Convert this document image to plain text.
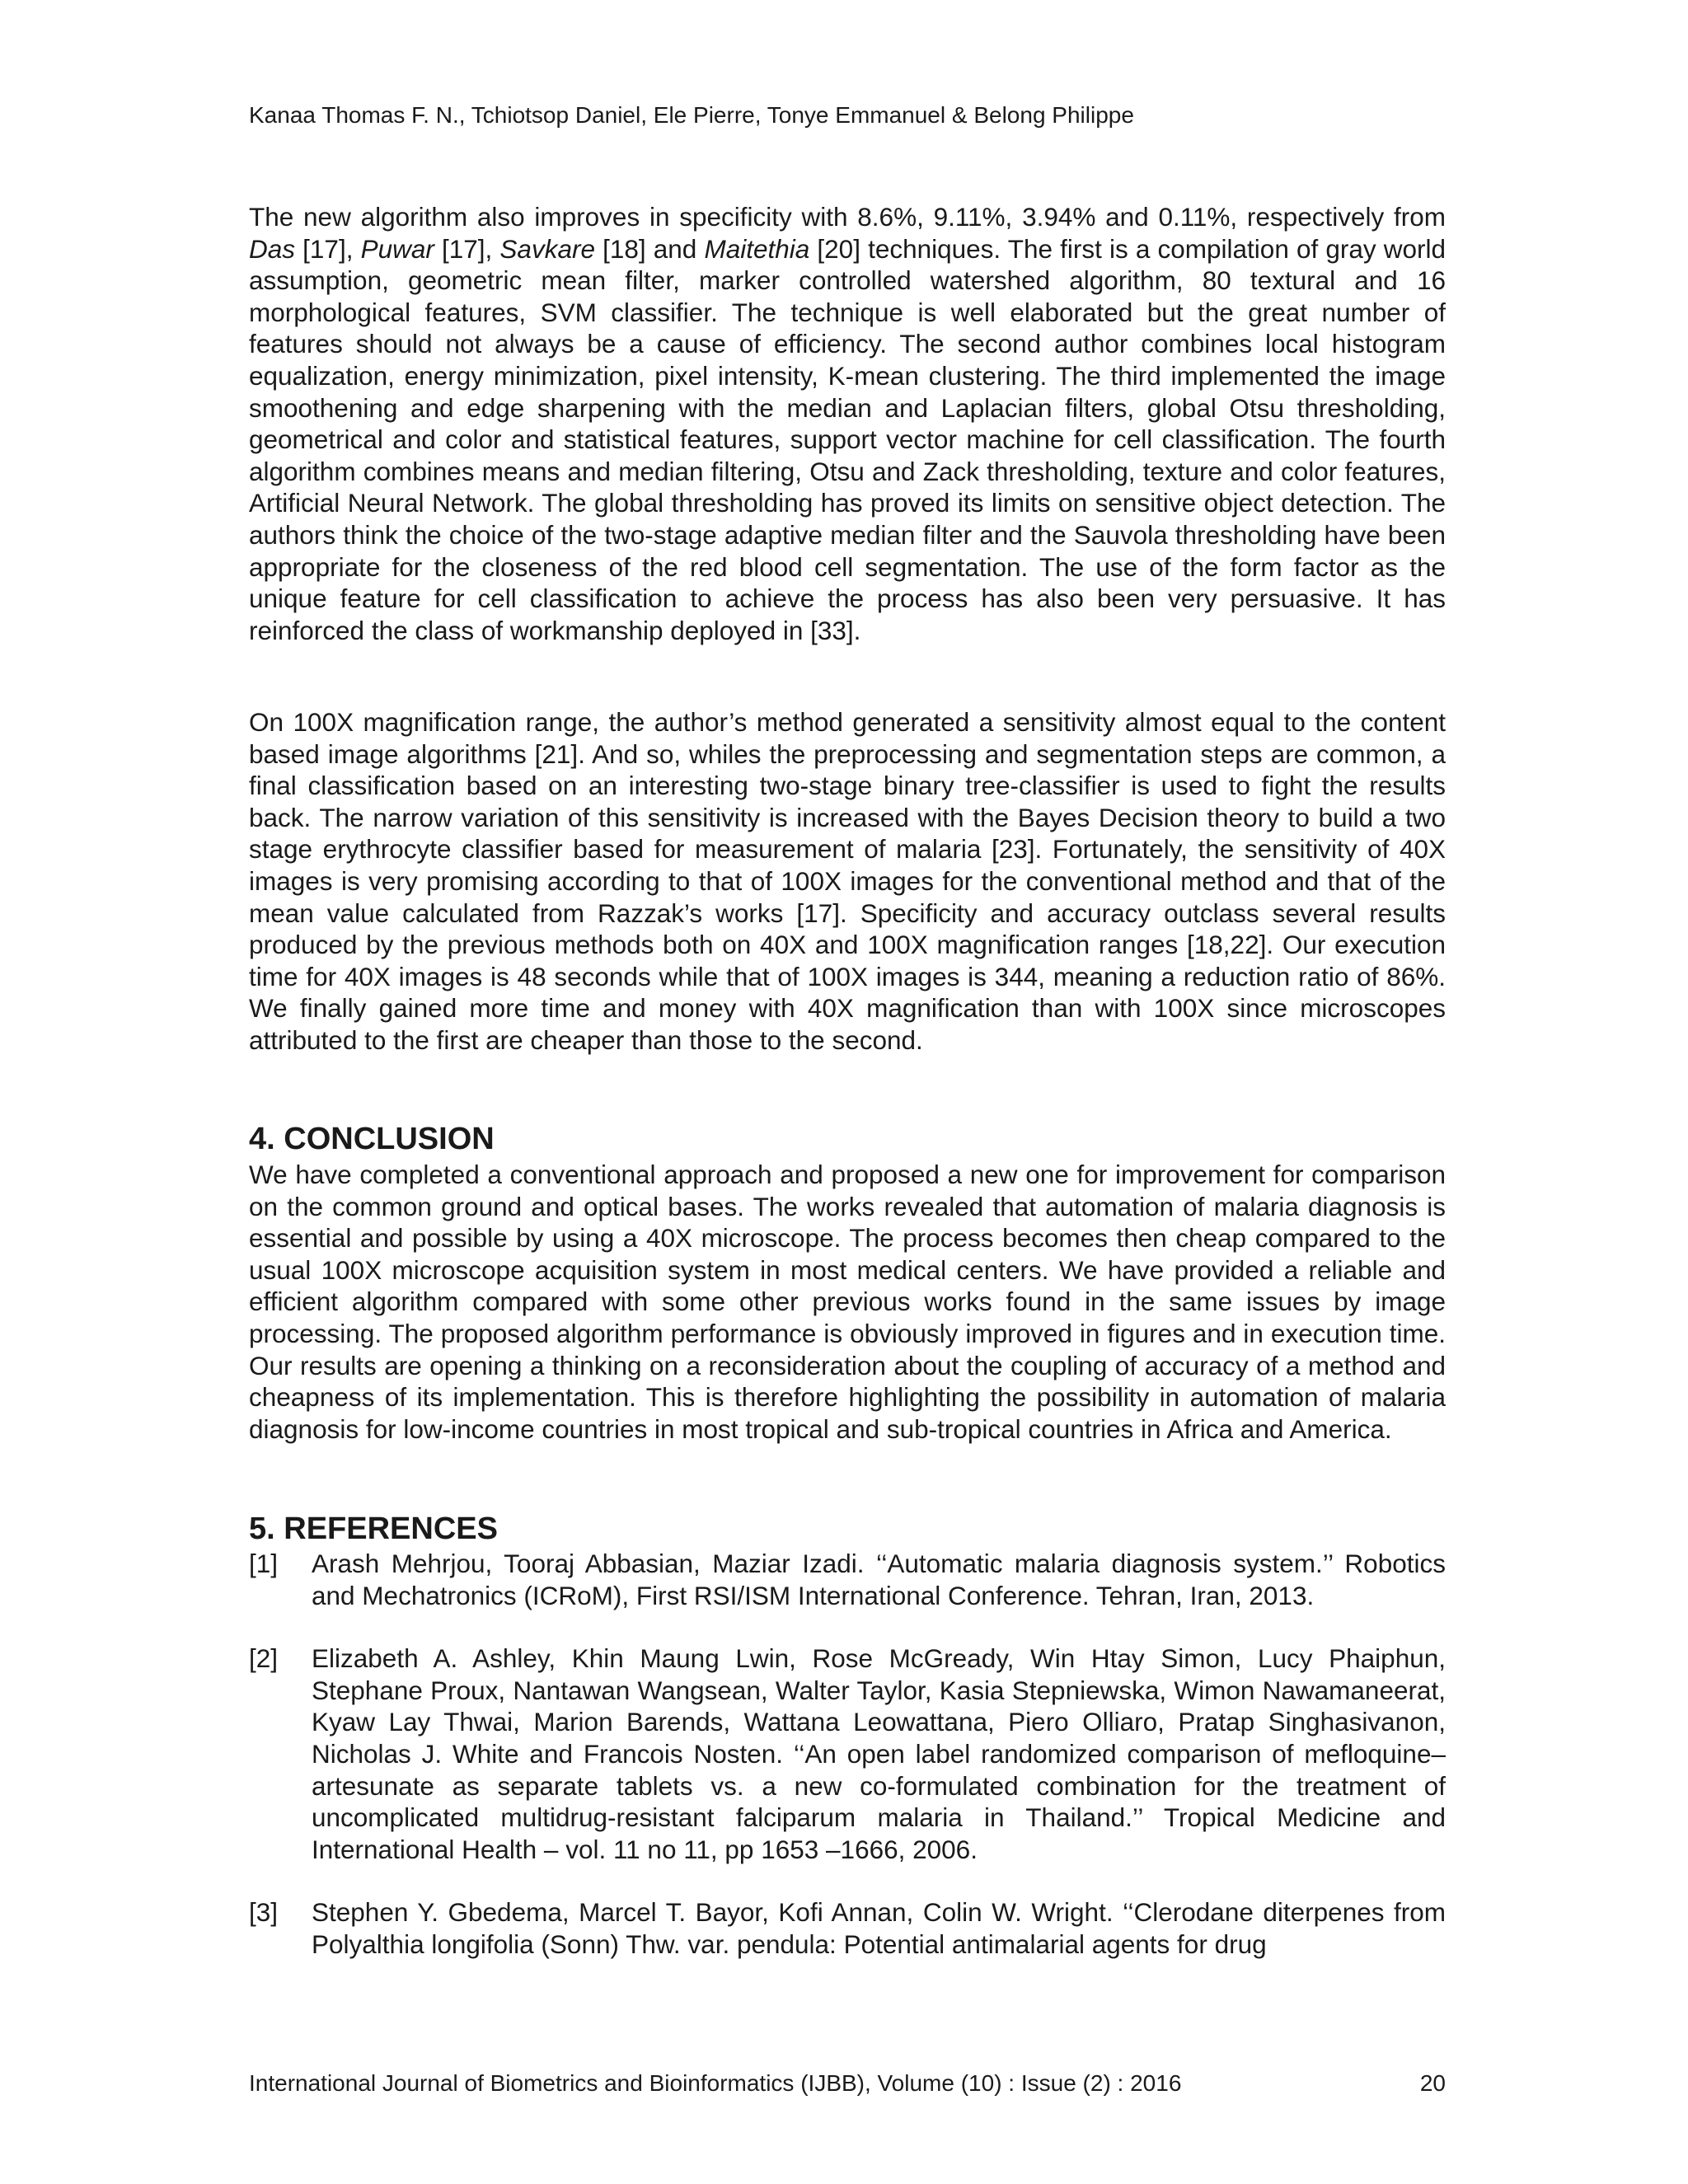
Kanaa Thomas F. N., Tchiotsop Daniel, Ele Pierre, Tonye Emmanuel & Belong Philippe

The new algorithm also improves in specificity with 8.6%, 9.11%, 3.94% and 0.11%, respectively from Das [17], Puwar [17], Savkare [18] and Maitethia [20] techniques. The first is a compilation of gray world assumption, geometric mean filter, marker controlled watershed algorithm, 80 textural and 16 morphological features, SVM classifier. The technique is well elaborated but the great number of features should not always be a cause of efficiency. The second author combines local histogram equalization, energy minimization, pixel intensity, K-mean clustering. The third implemented the image smoothening and edge sharpening with the median and Laplacian filters, global Otsu thresholding, geometrical and color and statistical features, support vector machine for cell classification. The fourth algorithm combines means and median filtering, Otsu and Zack thresholding, texture and color features, Artificial Neural Network. The global thresholding has proved its limits on sensitive object detection. The authors think the choice of the two-stage adaptive median filter and the Sauvola thresholding have been appropriate for the closeness of the red blood cell segmentation. The use of the form factor as the unique feature for cell classification to achieve the process has also been very persuasive. It has reinforced the class of workmanship deployed in [33].

On 100X magnification range, the author’s method generated a sensitivity almost equal to the content based image algorithms [21]. And so, whiles the preprocessing and segmentation steps are common, a final classification based on an interesting two-stage binary tree-classifier is used to fight the results back. The narrow variation of this sensitivity is increased with the Bayes Decision theory to build a two stage erythrocyte classifier based for measurement of malaria [23]. Fortunately, the sensitivity of 40X images is very promising according to that of 100X images for the conventional method and that of the mean value calculated from Razzak’s works [17]. Specificity and accuracy outclass several results produced by the previous methods both on 40X and 100X magnification ranges [18,22]. Our execution time for 40X images is 48 seconds while that of 100X images is 344, meaning a reduction ratio of 86%. We finally gained more time and money with 40X magnification than with 100X since microscopes attributed to the first are cheaper than those to the second.

4. CONCLUSION

We have completed a conventional approach and proposed a new one for improvement for comparison on the common ground and optical bases. The works revealed that automation of malaria diagnosis is essential and possible by using a 40X microscope. The process becomes then cheap compared to the usual 100X microscope acquisition system in most medical centers. We have provided a reliable and efficient algorithm compared with some other previous works found in the same issues by image processing. The proposed algorithm performance is obviously improved in figures and in execution time. Our results are opening a thinking on a reconsideration about the coupling of accuracy of a method and cheapness of its implementation. This is therefore highlighting the possibility in automation of malaria diagnosis for low-income countries in most tropical and sub-tropical countries in Africa and America.

5. REFERENCES
[1] Arash Mehrjou, Tooraj Abbasian, Maziar Izadi. ‘‘Automatic malaria diagnosis system.’’ Robotics and Mechatronics (ICRoM), First RSI/ISM International Conference. Tehran, Iran, 2013.
[2] Elizabeth A. Ashley, Khin Maung Lwin, Rose McGready, Win Htay Simon, Lucy Phaiphun, Stephane Proux, Nantawan Wangsean, Walter Taylor, Kasia Stepniewska, Wimon Nawamaneerat, Kyaw Lay Thwai, Marion Barends, Wattana Leowattana, Piero Olliaro, Pratap Singhasivanon, Nicholas J. White and Francois Nosten. ‘‘An open label randomized comparison of mefloquine– artesunate as separate tablets vs. a new co-formulated combination for the treatment of uncomplicated multidrug-resistant falciparum malaria in Thailand.’’ Tropical Medicine and International Health – vol. 11 no 11, pp 1653 –1666, 2006.
[3] Stephen Y. Gbedema, Marcel T. Bayor, Kofi Annan, Colin W. Wright. ‘‘Clerodane diterpenes from Polyalthia longifolia (Sonn) Thw. var. pendula: Potential antimalarial agents for drug
International Journal of Biometrics and Bioinformatics (IJBB), Volume (10) : Issue (2) : 2016	20
